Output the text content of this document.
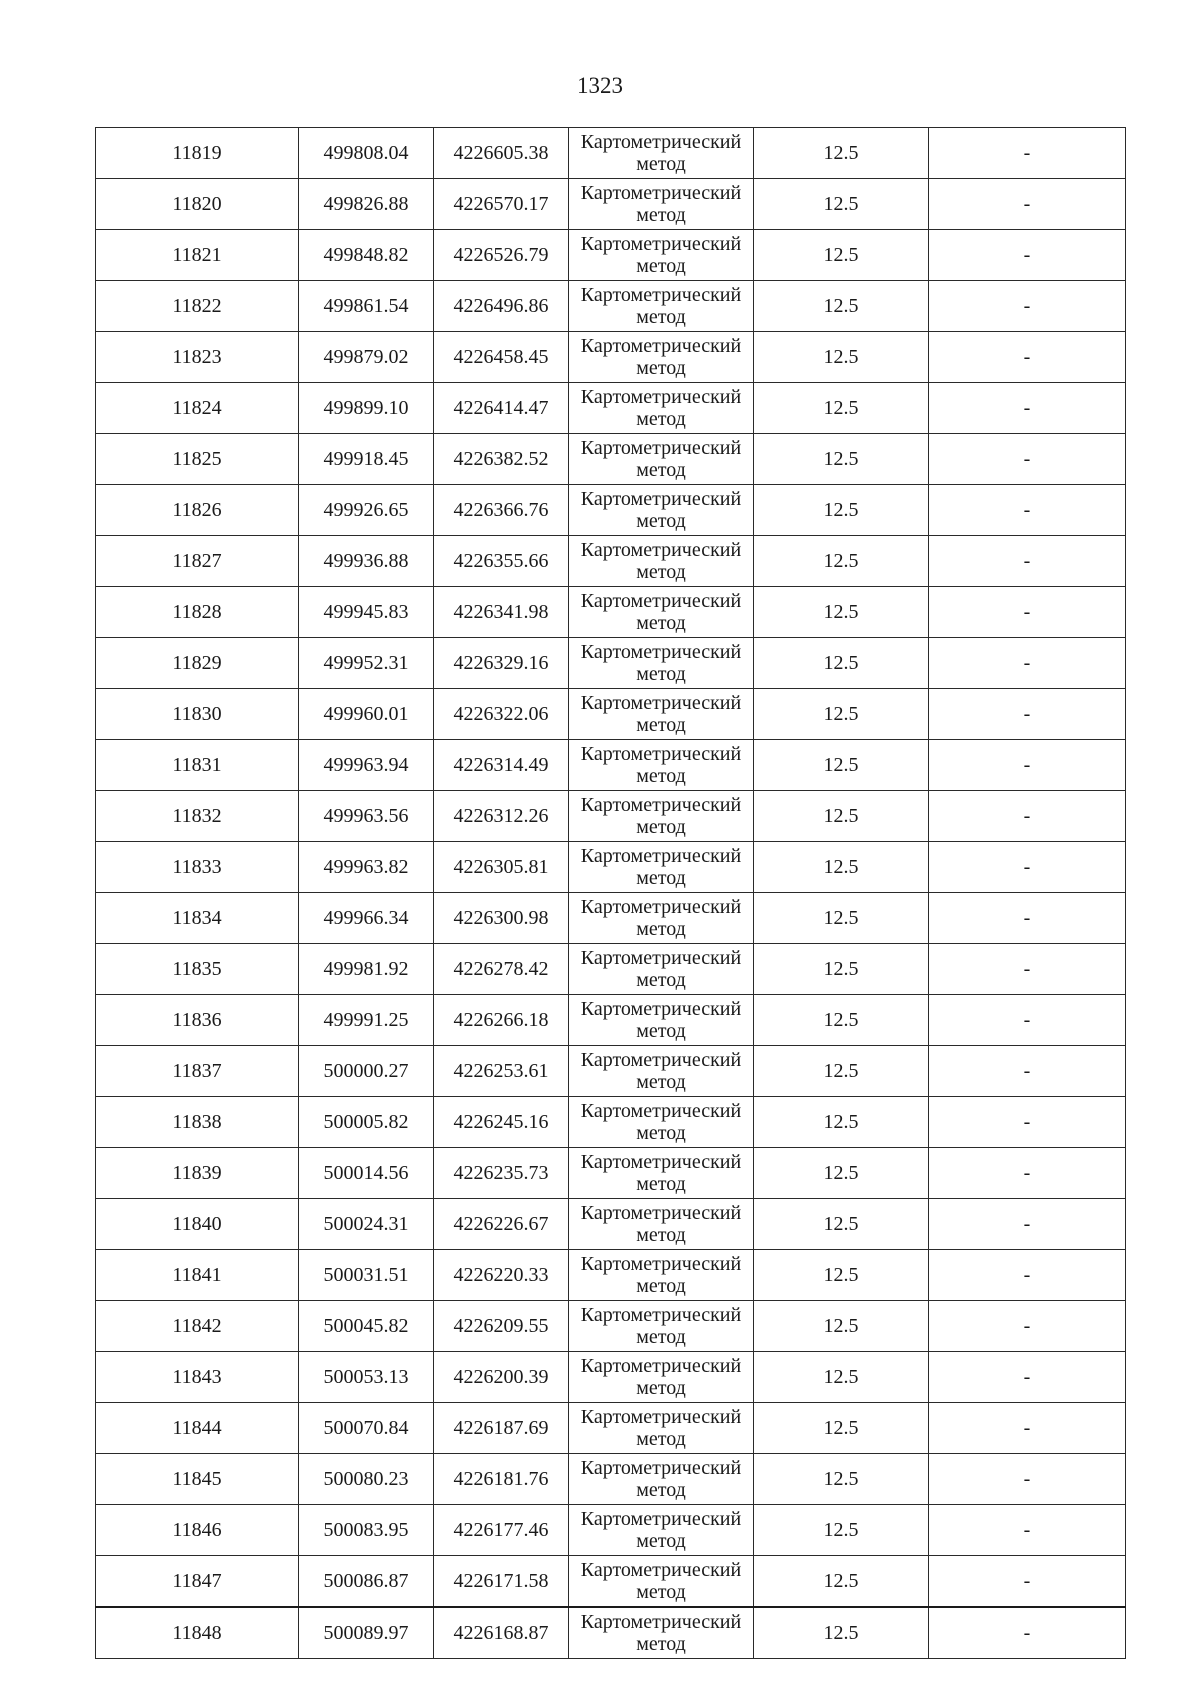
1323
11819	499808.04	4226605.38	Картометрический
метод	12.5	-
11820	499826.88	4226570.17	Картометрический
метод	12.5	-
11821	499848.82	4226526.79	Картометрический
метод	12.5	-
11822	499861.54	4226496.86	Картометрический
метод	12.5	-
11823	499879.02	4226458.45	Картометрический
метод	12.5	-
11824	499899.10	4226414.47	Картометрический
метод	12.5	-
11825	499918.45	4226382.52	Картометрический
метод	12.5	-
11826	499926.65	4226366.76	Картометрический
метод	12.5	-
11827	499936.88	4226355.66	Картометрический
метод	12.5	-
11828	499945.83	4226341.98	Картометрический
метод	12.5	-
11829	499952.31	4226329.16	Картометрический
метод	12.5	-
11830	499960.01	4226322.06	Картометрический
метод	12.5	-
11831	499963.94	4226314.49	Картометрический
метод	12.5	-
11832	499963.56	4226312.26	Картометрический
метод	12.5	-
11833	499963.82	4226305.81	Картометрический
метод	12.5	-
11834	499966.34	4226300.98	Картометрический
метод	12.5	-
11835	499981.92	4226278.42	Картометрический
метод	12.5	-
11836	499991.25	4226266.18	Картометрический
метод	12.5	-
11837	500000.27	4226253.61	Картометрический
метод	12.5	-
11838	500005.82	4226245.16	Картометрический
метод	12.5	-
11839	500014.56	4226235.73	Картометрический
метод	12.5	-
11840	500024.31	4226226.67	Картометрический
метод	12.5	-
11841	500031.51	4226220.33	Картометрический
метод	12.5	-
11842	500045.82	4226209.55	Картометрический
метод	12.5	-
11843	500053.13	4226200.39	Картометрический
метод	12.5	-
11844	500070.84	4226187.69	Картометрический
метод	12.5	-
11845	500080.23	4226181.76	Картометрический
метод	12.5	-
11846	500083.95	4226177.46	Картометрический
метод	12.5	-
11847	500086.87	4226171.58	Картометрический
метод	12.5	-
11848	500089.97	4226168.87	Картометрический
метод	12.5	-
